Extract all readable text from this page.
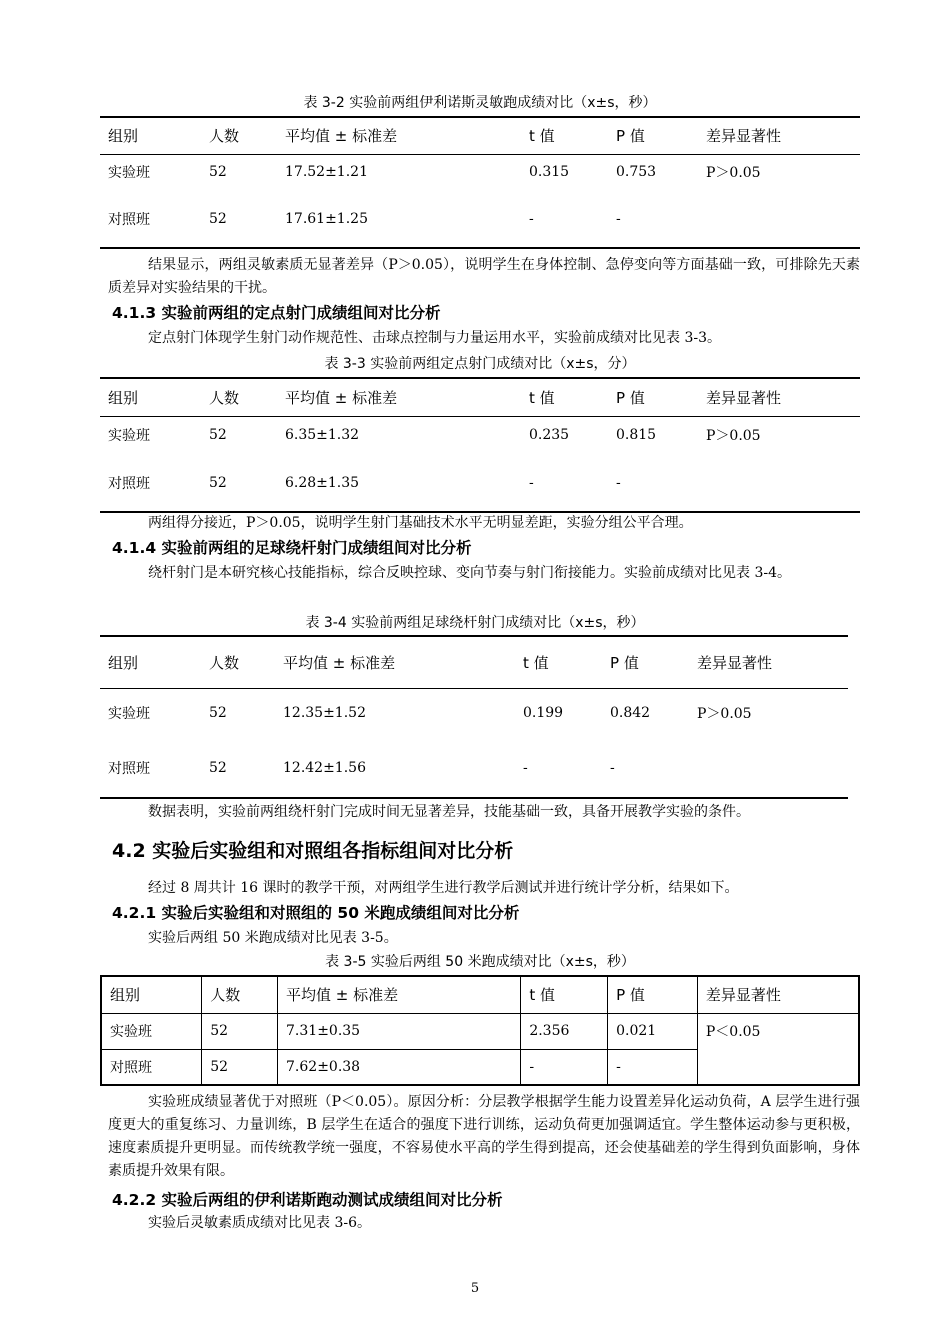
表 3-2 实验前两组伊利诺斯灵敏跑成绩对比（x±s，秒）
组别	人数	平均值 ± 标准差	t 值	P 值	差异显著性
实验班	52	17.52±1.21	0.315	0.753	P＞0.05
对照班	52	17.61±1.25	-	-	
结果显示，两组灵敏素质无显著差异（P＞0.05），说明学生在身体控制、急停变向等方面基础一致，可排除先天素质差异对实验结果的干扰。
4.1.3 实验前两组的定点射门成绩组间对比分析
定点射门体现学生射门动作规范性、击球点控制与力量运用水平，实验前成绩对比见表 3-3。
表 3-3 实验前两组定点射门成绩对比（x±s，分）
组别	人数	平均值 ± 标准差	t 值	P 值	差异显著性
实验班	52	6.35±1.32	0.235	0.815	P＞0.05
对照班	52	6.28±1.35	-	-	
两组得分接近，P＞0.05，说明学生射门基础技术水平无明显差距，实验分组公平合理。
4.1.4 实验前两组的足球绕杆射门成绩组间对比分析
绕杆射门是本研究核心技能指标，综合反映控球、变向节奏与射门衔接能力。实验前成绩对比见表 3-4。
表 3-4 实验前两组足球绕杆射门成绩对比（x±s，秒）
组别	人数	平均值 ± 标准差	t 值	P 值	差异显著性
实验班	52	12.35±1.52	0.199	0.842	P＞0.05
对照班	52	12.42±1.56	-	-	
数据表明，实验前两组绕杆射门完成时间无显著差异，技能基础一致，具备开展教学实验的条件。
4.2 实验后实验组和对照组各指标组间对比分析
经过 8 周共计 16 课时的教学干预，对两组学生进行教学后测试并进行统计学分析，结果如下。
4.2.1 实验后实验组和对照组的 50 米跑成绩组间对比分析
实验后两组 50 米跑成绩对比见表 3-5。
表 3-5 实验后两组 50 米跑成绩对比（x±s，秒）
组别	人数	平均值 ± 标准差	t 值	P 值	差异显著性
实验班	52	7.31±0.35	2.356	0.021	P＜0.05
对照班	52	7.62±0.38	-	-	
实验班成绩显著优于对照班（P＜0.05）。原因分析：分层教学根据学生能力设置差异化运动负荷，A 层学生进行强度更大的重复练习、力量训练，B 层学生在适合的强度下进行训练，运动负荷更加强调适宜。学生整体运动参与更积极，速度素质提升更明显。而传统教学统一强度，不容易使水平高的学生得到提高，还会使基础差的学生得到负面影响，身体素质提升效果有限。
4.2.2 实验后两组的伊利诺斯跑动测试成绩组间对比分析
实验后灵敏素质成绩对比见表 3-6。
5
